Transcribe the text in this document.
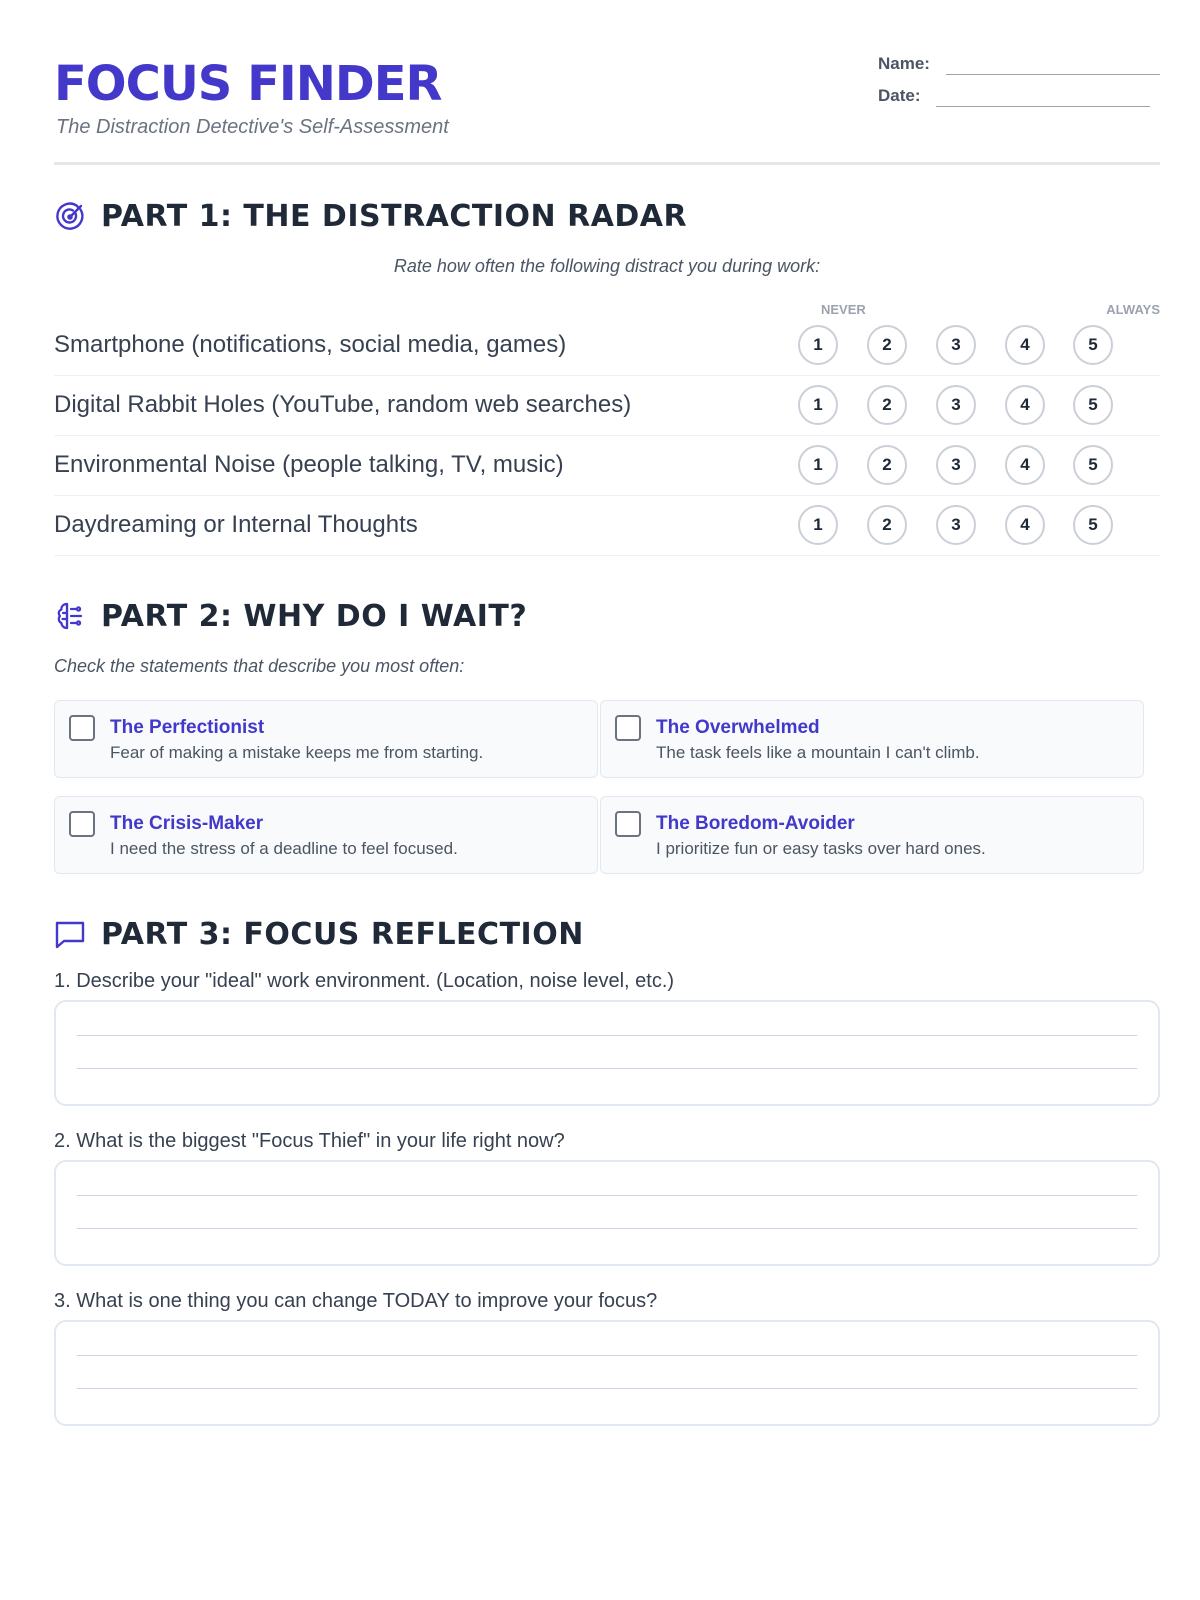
FOCUS FINDER
The Distraction Detective's Self-Assessment
Name:
Date:
PART 1: THE DISTRACTION RADAR
Rate how often the following distract you during work:
NEVER	ALWAYS
Smartphone (notifications, social media, games)	1	2	3	4	5
Digital Rabbit Holes (YouTube, random web searches)	1	2	3	4	5
Environmental Noise (people talking, TV, music)	1	2	3	4	5
Daydreaming or Internal Thoughts	1	2	3	4	5
PART 2: WHY DO I WAIT?
Check the statements that describe you most often:
The Perfectionist
Fear of making a mistake keeps me from starting.
The Overwhelmed
The task feels like a mountain I can't climb.
The Crisis-Maker
I need the stress of a deadline to feel focused.
The Boredom-Avoider
I prioritize fun or easy tasks over hard ones.
PART 3: FOCUS REFLECTION
1. Describe your "ideal" work environment. (Location, noise level, etc.)
2. What is the biggest "Focus Thief" in your life right now?
3. What is one thing you can change TODAY to improve your focus?
